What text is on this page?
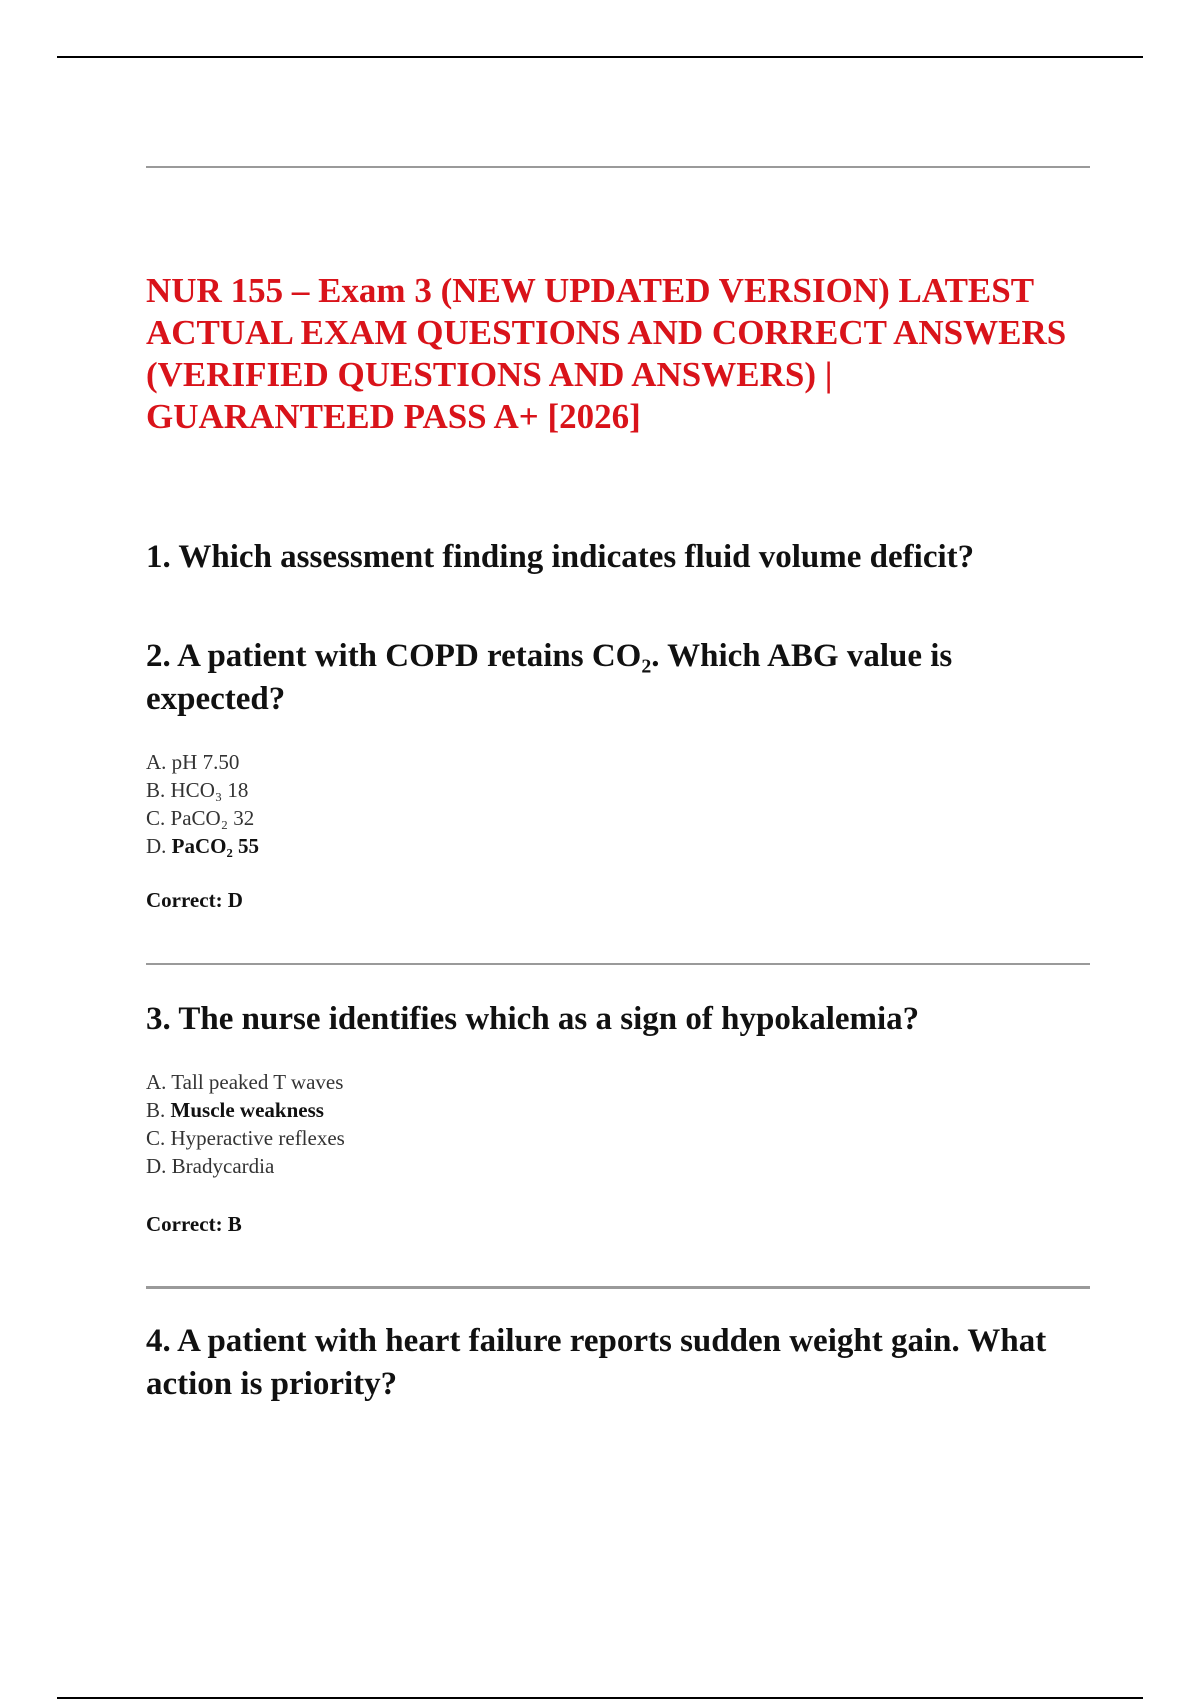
NUR 155 – Exam 3 (NEW UPDATED VERSION) LATEST ACTUAL EXAM QUESTIONS AND CORRECT ANSWERS (VERIFIED QUESTIONS AND ANSWERS) | GUARANTEED PASS A+ [2026]
1. Which assessment finding indicates fluid volume deficit?
2. A patient with COPD retains CO₂. Which ABG value is expected?
A. pH 7.50
B. HCO₃ 18
C. PaCO₂ 32
D. PaCO₂ 55

Correct: D

3. The nurse identifies which as a sign of hypokalemia?
A. Tall peaked T waves
B. Muscle weakness
C. Hyperactive reflexes
D. Bradycardia

Correct: B

4. A patient with heart failure reports sudden weight gain. What action is priority?
